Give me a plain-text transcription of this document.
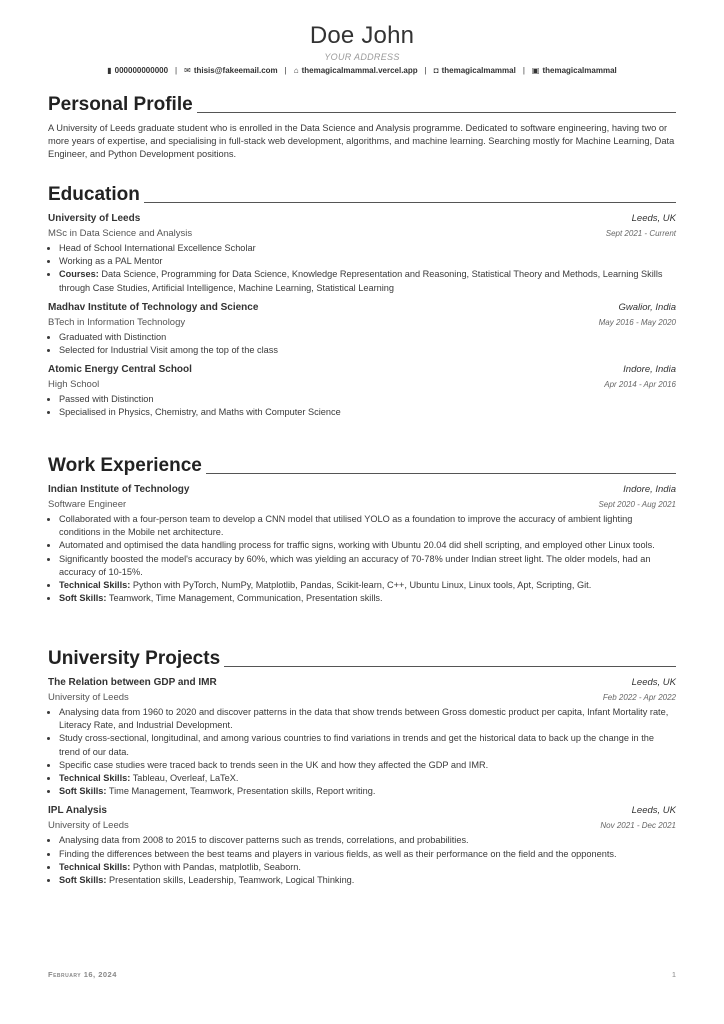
Doe John
YOUR ADDRESS
▮ 000000000000 | ✉ thisis@fakeemail.com | ⌂ themagicalmammal.vercel.app | ◘ themagicalmammal | ▣ themagicalmammal
Personal Profile
A University of Leeds graduate student who is enrolled in the Data Science and Analysis programme. Dedicated to software engineering, having two or more years of expertise, and specialising in full-stack web development, algorithms, and machine learning. Searching mostly for Machine Learning, Data Engineer, and Python Development positions.
Education
University of Leeds	Leeds, UK
MSc in Data Science and Analysis	Sept 2021 - Current
• Head of School International Excellence Scholar
• Working as a PAL Mentor
• Courses: Data Science, Programming for Data Science, Knowledge Representation and Reasoning, Statistical Theory and Methods, Learning Skills through Case Studies, Artificial Intelligence, Machine Learning, Statistical Learning
Madhav Institute of Technology and Science	Gwalior, India
BTech in Information Technology	May 2016 - May 2020
• Graduated with Distinction
• Selected for Industrial Visit among the top of the class
Atomic Energy Central School	Indore, India
High School	Apr 2014 - Apr 2016
• Passed with Distinction
• Specialised in Physics, Chemistry, and Maths with Computer Science
Work Experience
Indian Institute of Technology	Indore, India
Software Engineer	Sept 2020 - Aug 2021
• Collaborated with a four-person team to develop a CNN model that utilised YOLO as a foundation to improve the accuracy of ambient lighting conditions in the Mobile net architecture.
• Automated and optimised the data handling process for traffic signs, working with Ubuntu 20.04 did shell scripting, and employed other Linux tools.
• Significantly boosted the model's accuracy by 60%, which was yielding an accuracy of 70-78% under Indian street light. The older models, had an accuracy of 10-15%.
• Technical Skills: Python with PyTorch, NumPy, Matplotlib, Pandas, Scikit-learn, C++, Ubuntu Linux, Linux tools, Apt, Scripting, Git.
• Soft Skills: Teamwork, Time Management, Communication, Presentation skills.
University Projects
The Relation between GDP and IMR	Leeds, UK
University of Leeds	Feb 2022 - Apr 2022
• Analysing data from 1960 to 2020 and discover patterns in the data that show trends between Gross domestic product per capita, Infant Mortality rate, Literacy Rate, and Industrial Development.
• Study cross-sectional, longitudinal, and among various countries to find variations in trends and get the historical data to back up the change in the trend of our data.
• Specific case studies were traced back to trends seen in the UK and how they affected the GDP and IMR.
• Technical Skills: Tableau, Overleaf, LaTeX.
• Soft Skills: Time Management, Teamwork, Presentation skills, Report writing.
IPL Analysis	Leeds, UK
University of Leeds	Nov 2021 - Dec 2021
• Analysing data from 2008 to 2015 to discover patterns such as trends, correlations, and probabilities.
• Finding the differences between the best teams and players in various fields, as well as their performance on the field and the opponents.
• Technical Skills: Python with Pandas, matplotlib, Seaborn.
• Soft Skills: Presentation skills, Leadership, Teamwork, Logical Thinking.
February 16, 2024	1
